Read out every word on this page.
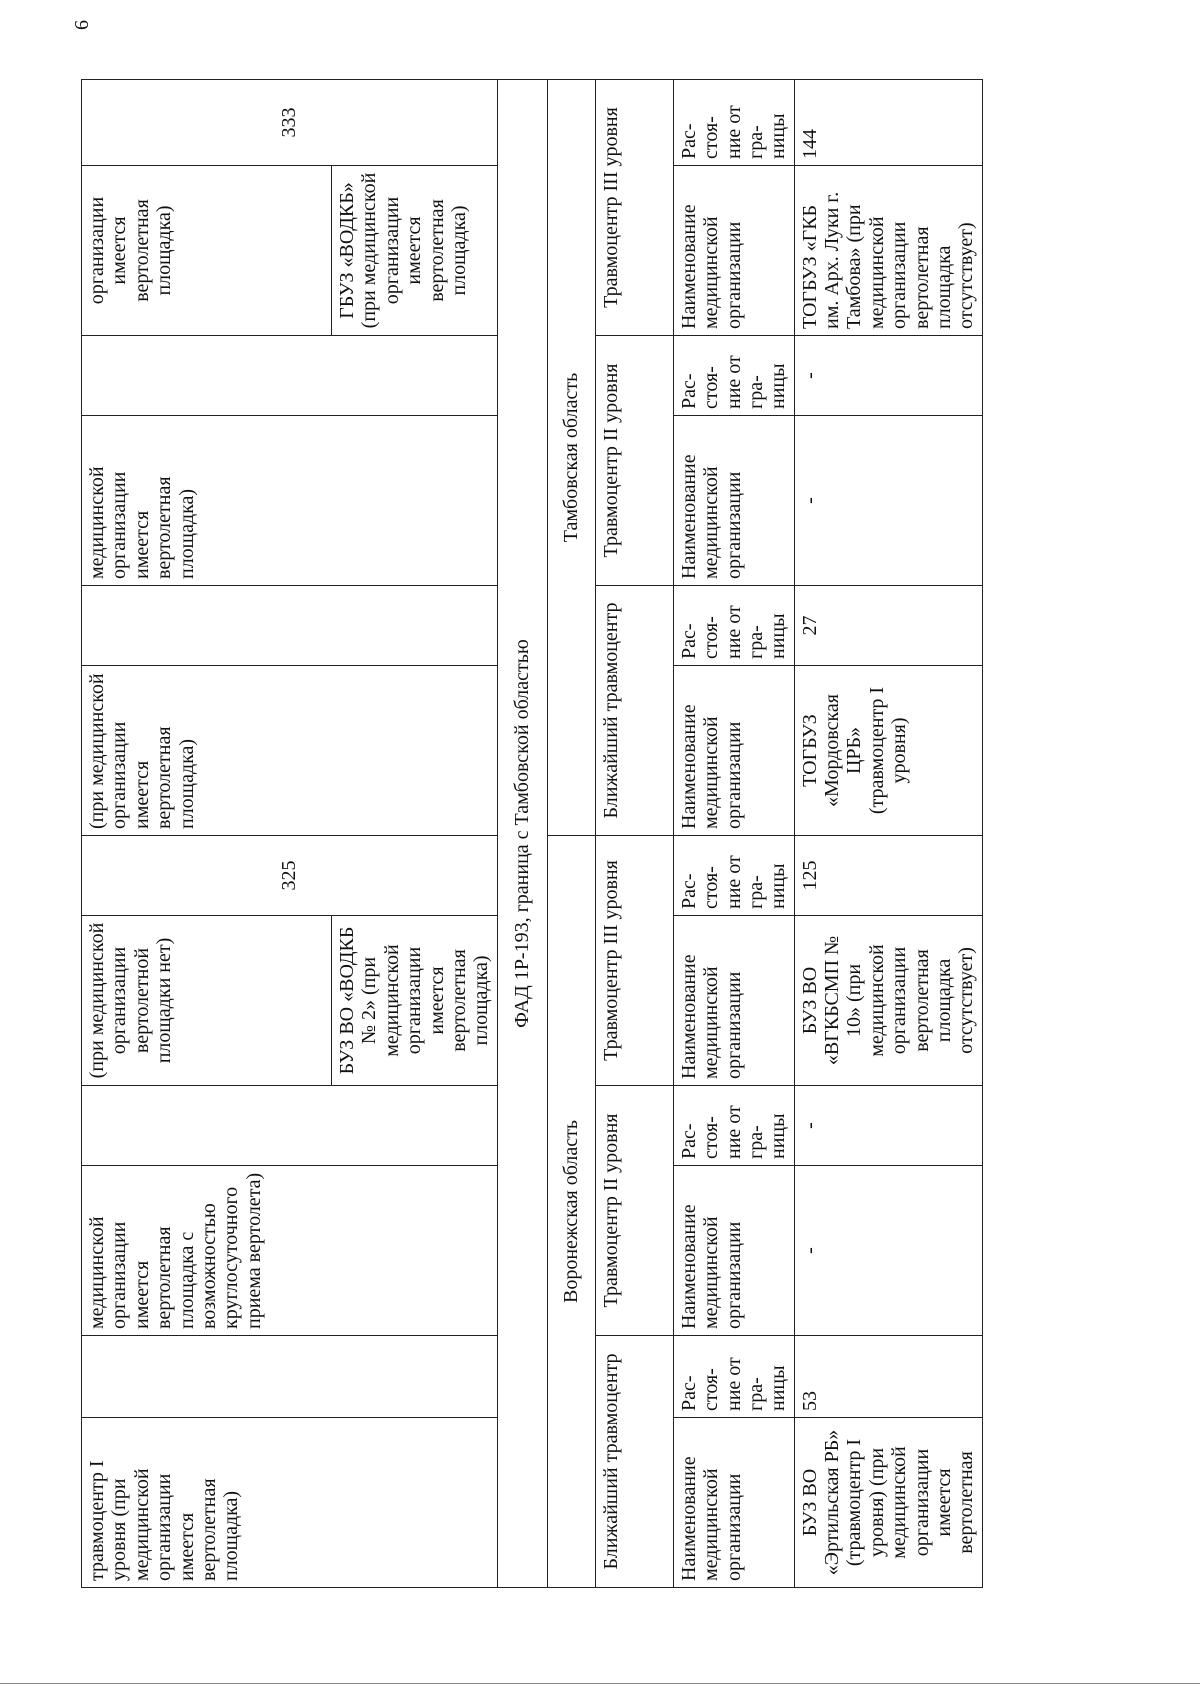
6
травмоцентр I уровня (при медицинской организации имеется вертолетная площадка)		медицинской организации имеется вертолетная площадка с возможностью круглосуточного приема вертолета)		(при медицинской организации вертолетной площадки нет)	325	(при медицинской организации имеется вертолетная площадка)		медицинской организации имеется вертолетная площадка)		организации имеется вертолетная площадка)	333
				БУЗ ВО «ВОДКБ № 2» (при медицинской организации имеется вертолетная площадка)						ГБУЗ «ВОДКБ» (при медицинской организации имеется вертолетная площадка)	
ФАД 1Р-193, граница с Тамбовской областью											
Воронежская область						Тамбовская область					
Ближайший травмоцентр		Травмоцентр II уровня		Травмоцентр III уровня		Ближайший травмоцентр		Травмоцентр II уровня		Травмоцентр III уровня	
Наименование медицинской организации	Рас-стоя-ние от гра-ницы	Наименование медицинской организации	Рас-стоя-ние от гра-ницы	Наименование медицинской организации	Рас-стоя-ние от гра-ницы	Наименование медицинской организации	Рас-стоя-ние от гра-ницы	Наименование медицинской организации	Рас-стоя-ние от гра-ницы	Наименование медицинской организации	Рас-стоя-ние от гра-ницы
БУЗ ВО «Эртильская РБ» (травмоцентр I уровня) (при медицинской организации имеется вертолетная	53	-	-	БУЗ ВО «ВГКБСМП № 10» (при медицинской организации вертолетная площадка отсутствует)	125	ТОГБУЗ «Мордовская ЦРБ» (травмоцентр I уровня)	27	-	-	ТОГБУЗ «ГКБ им. Арх. Луки г. Тамбова» (при медицинской организации вертолетная площадка отсутствует)	144
